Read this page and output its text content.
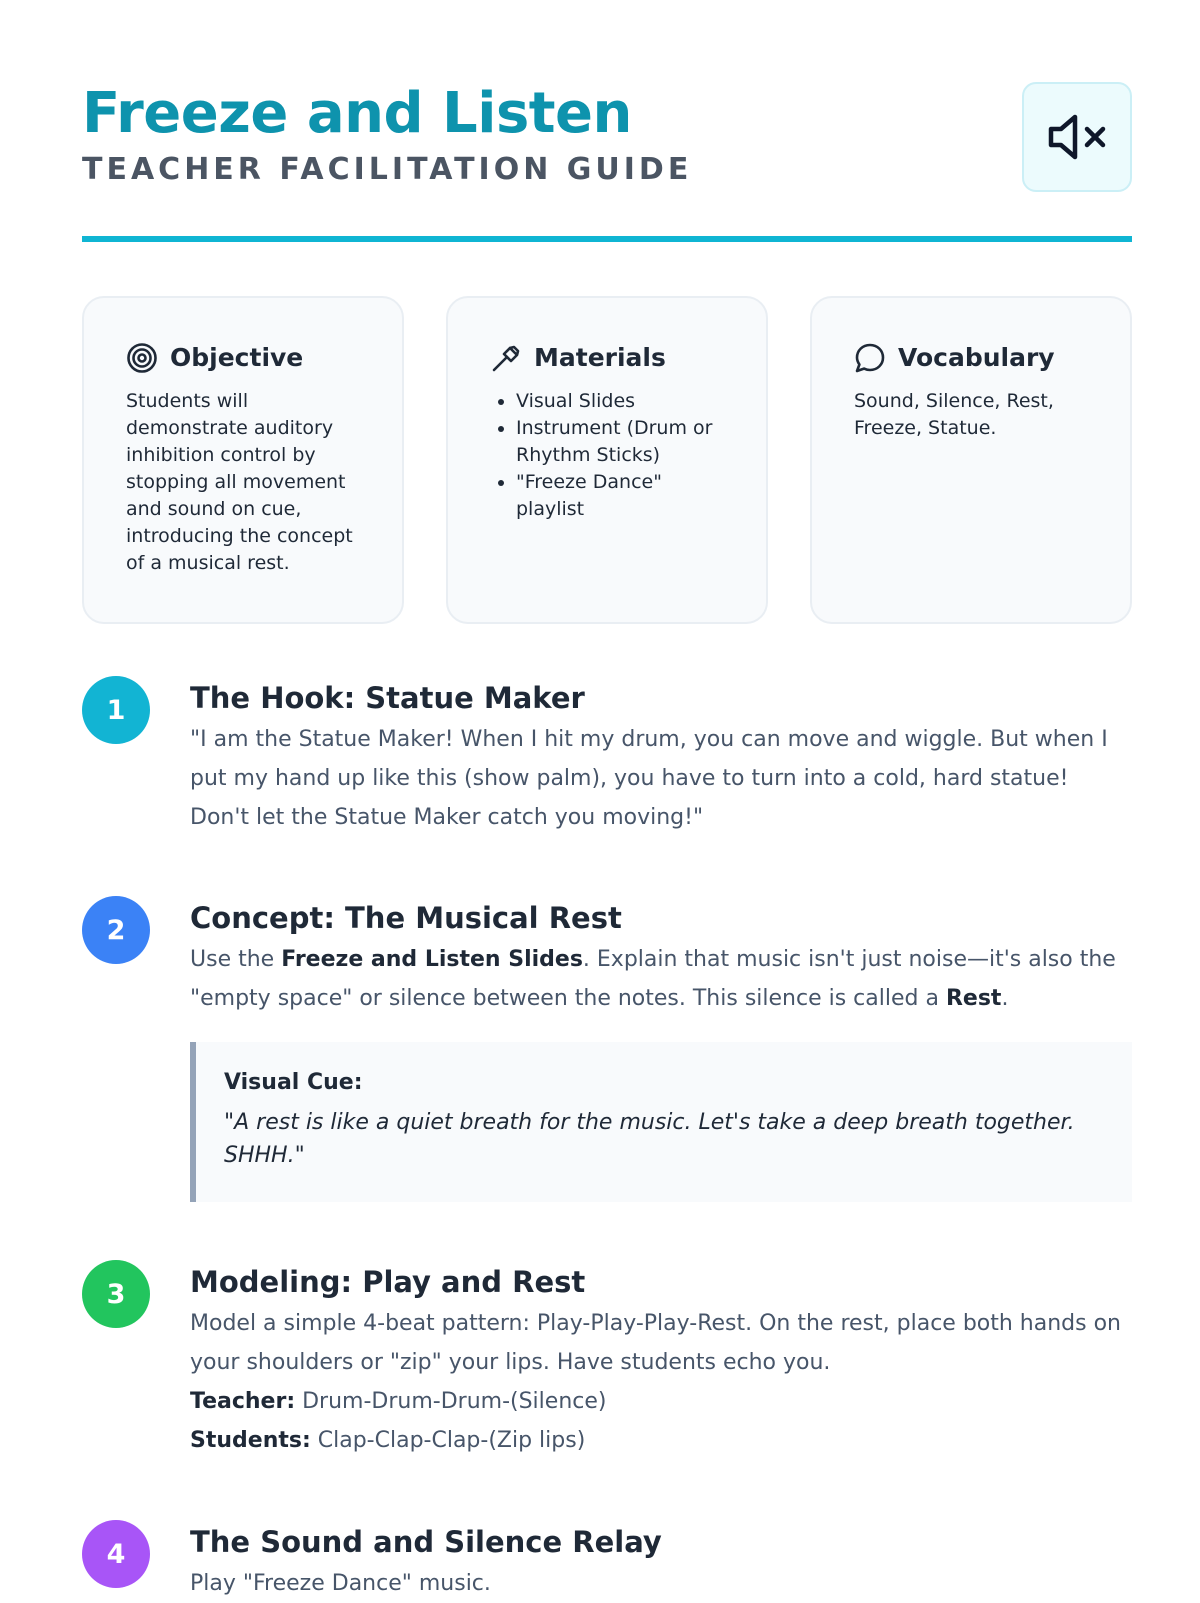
Freeze and Listen
TEACHER FACILITATION GUIDE
Objective

Students will demonstrate auditory inhibition control by stopping all movement and sound on cue, introducing the concept of a musical rest.

Materials
• Visual Slides
• Instrument (Drum or Rhythm Sticks)
• "Freeze Dance" playlist
Vocabulary

Sound, Silence, Rest, Freeze, Statue.

1	The Hook: Statue Maker

"I am the Statue Maker! When I hit my drum, you can move and wiggle. But when I put my hand up like this (show palm), you have to turn into a cold, hard statue! Don't let the Statue Maker catch you moving!"

2	Concept: The Musical Rest

Use the Freeze and Listen Slides. Explain that music isn't just noise—it's also the "empty space" or silence between the notes. This silence is called a Rest.

Visual Cue:
"A rest is like a quiet breath for the music. Let's take a deep breath together. SHHH."
3	Modeling: Play and Rest

Model a simple 4-beat pattern: Play-Play-Play-Rest. On the rest, place both hands on your shoulders or "zip" your lips. Have students echo you.

Teacher: Drum-Drum-Drum-(Silence)

Students: Clap-Clap-Clap-(Zip lips)

4	The Sound and Silence Relay

Play "Freeze Dance" music.
